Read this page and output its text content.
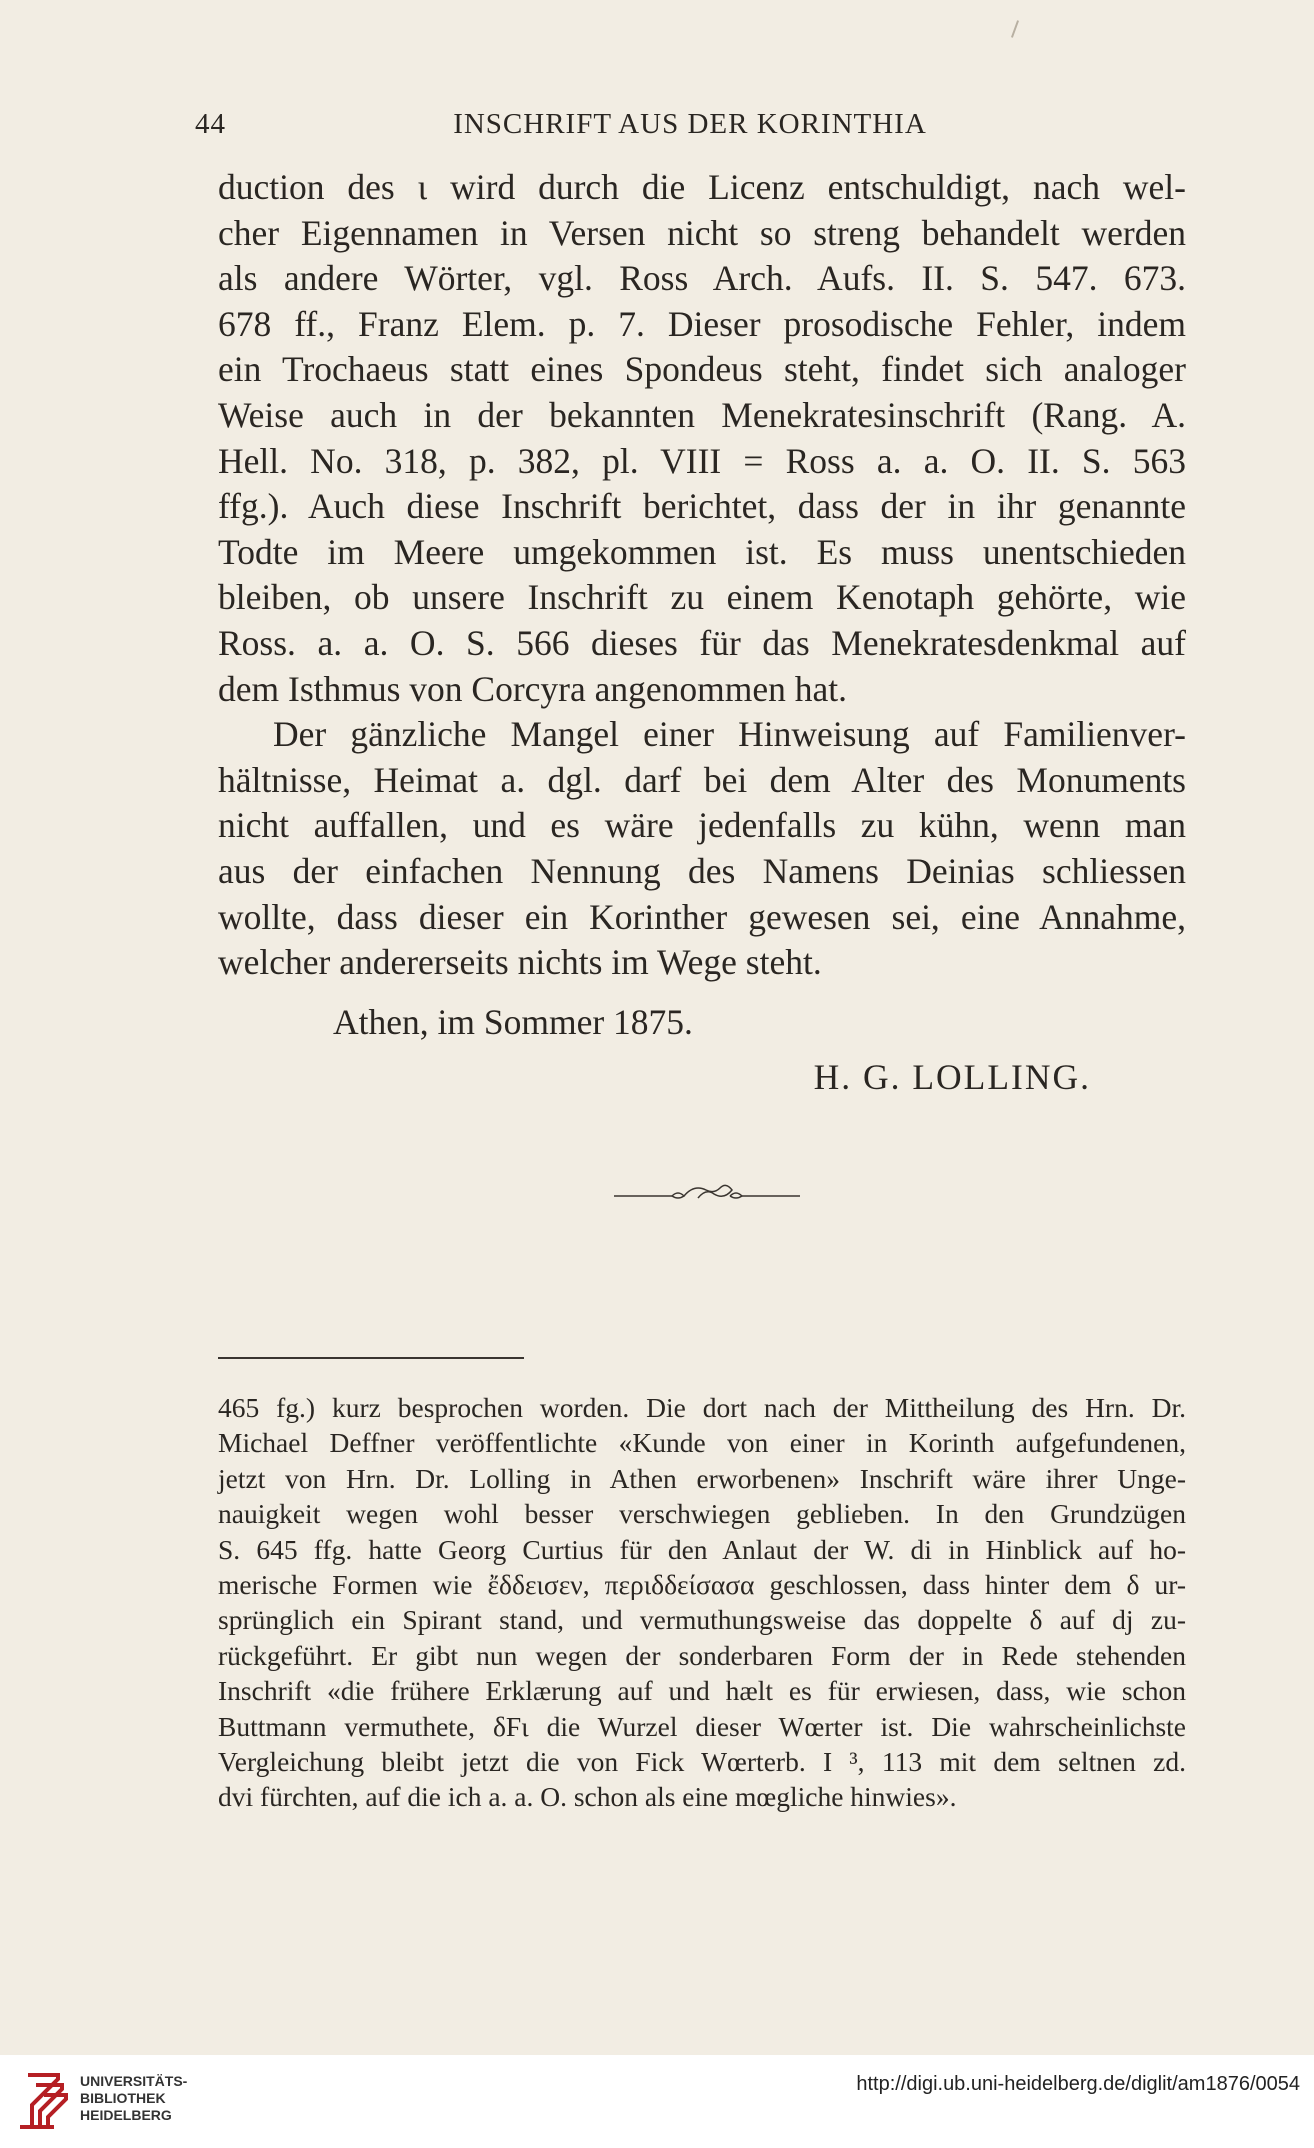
44	INSCHRIFT AUS DER KORINTHIA
duction des ι wird durch die Licenz entschuldigt, nach wel-
cher Eigennamen in Versen nicht so streng behandelt werden
als andere Wörter, vgl. Ross Arch. Aufs. II. S. 547. 673.
678 ff., Franz Elem. p. 7. Dieser prosodische Fehler, indem
ein Trochaeus statt eines Spondeus steht, findet sich analoger
Weise auch in der bekannten Menekratesinschrift (Rang. A.
Hell. No. 318, p. 382, pl. VIII = Ross a. a. O. II. S. 563
ffg.). Auch diese Inschrift berichtet, dass der in ihr genannte
Todte im Meere umgekommen ist. Es muss unentschieden
bleiben, ob unsere Inschrift zu einem Kenotaph gehörte, wie
Ross. a. a. O. S. 566 dieses für das Menekratesdenkmal auf
dem Isthmus von Corcyra angenommen hat.
Der gänzliche Mangel einer Hinweisung auf Familienver-
hältnisse, Heimat a. dgl. darf bei dem Alter des Monuments
nicht auffallen, und es wäre jedenfalls zu kühn, wenn man
aus der einfachen Nennung des Namens Deinias schliessen
wollte, dass dieser ein Korinther gewesen sei, eine Annahme,
welcher andererseits nichts im Wege steht.
Athen, im Sommer 1875.
H. G. LOLLING.
465 fg.) kurz besprochen worden. Die dort nach der Mittheilung des Hrn. Dr.
Michael Deffner veröffentlichte «Kunde von einer in Korinth aufgefundenen,
jetzt von Hrn. Dr. Lolling in Athen erworbenen» Inschrift wäre ihrer Unge-
nauigkeit wegen wohl besser verschwiegen geblieben. In den Grundzügen
S. 645 ffg. hatte Georg Curtius für den Anlaut der W. di in Hinblick auf ho-
merische Formen wie ἔδδεισεν, περιδδείσασα geschlossen, dass hinter dem δ ur-
sprünglich ein Spirant stand, und vermuthungsweise das doppelte δ auf dj zu-
rückgeführt. Er gibt nun wegen der sonderbaren Form der in Rede stehenden
Inschrift «die frühere Erklærung auf und hælt es für erwiesen, dass, wie schon
Buttmann vermuthete, δϜι die Wurzel dieser Wœrter ist. Die wahrscheinlichste
Vergleichung bleibt jetzt die von Fick Wœrterb. I ³, 113 mit dem seltnen zd.
dvi fürchten, auf die ich a. a. O. schon als eine mœgliche hinwies».
UNIVERSITÄTS-
BIBLIOTHEK
HEIDELBERG
http://digi.ub.uni-heidelberg.de/diglit/am1876/0054
